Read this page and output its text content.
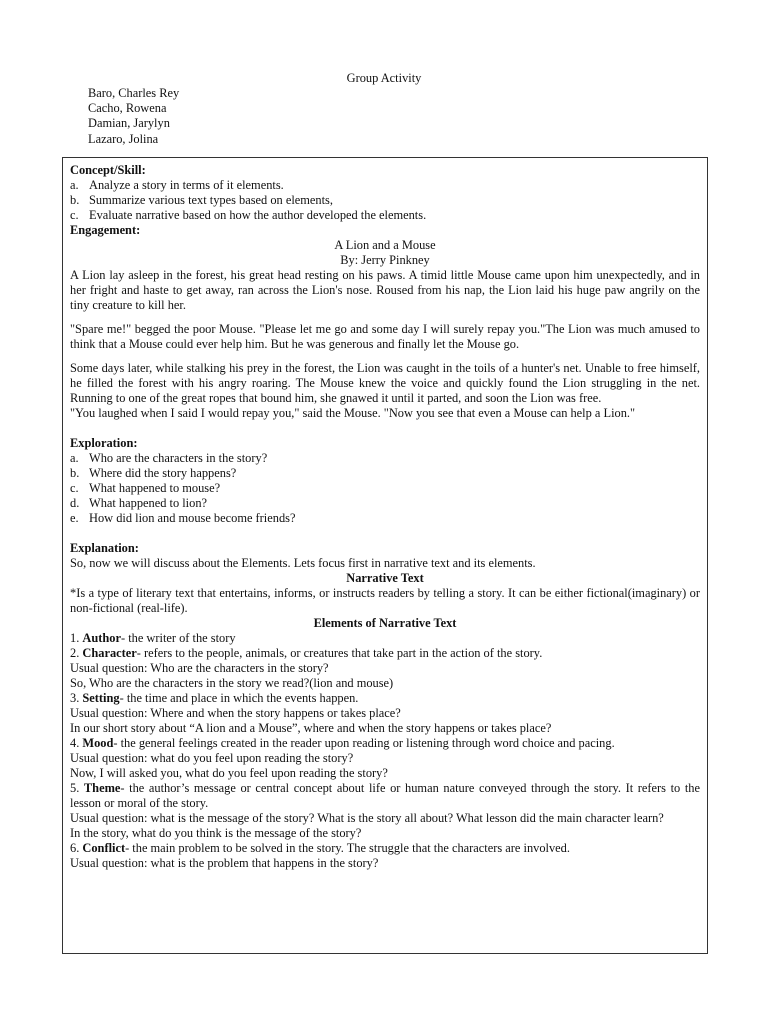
Group Activity
Baro, Charles Rey
Cacho, Rowena
Damian, Jarylyn
Lazaro, Jolina
Concept/Skill:
a. Analyze a story in terms of it elements.
b. Summarize various text types based on elements,
c. Evaluate narrative based on how the author developed the elements.
Engagement:
A Lion and a Mouse
By: Jerry Pinkney
A Lion lay asleep in the forest, his great head resting on his paws. A timid little Mouse came upon him unexpectedly, and in her fright and haste to get away, ran across the Lion's nose. Roused from his nap, the Lion laid his huge paw angrily on the tiny creature to kill her.
"Spare me!" begged the poor Mouse. "Please let me go and some day I will surely repay you."The Lion was much amused to think that a Mouse could ever help him. But he was generous and finally let the Mouse go.
Some days later, while stalking his prey in the forest, the Lion was caught in the toils of a hunter's net. Unable to free himself, he filled the forest with his angry roaring. The Mouse knew the voice and quickly found the Lion struggling in the net. Running to one of the great ropes that bound him, she gnawed it until it parted, and soon the Lion was free.
"You laughed when I said I would repay you," said the Mouse. "Now you see that even a Mouse can help a Lion."
Exploration:
a. Who are the characters in the story?
b. Where did the story happens?
c. What happened to mouse?
d. What happened to lion?
e. How did lion and mouse become friends?
Explanation:
So, now we will discuss about the Elements. Lets focus first in narrative text and its elements.
Narrative Text
*Is a type of literary text that entertains, informs, or instructs readers by telling a story. It can be either fictional(imaginary) or non-fictional (real-life).
Elements of Narrative Text
1. Author- the writer of the story
2. Character- refers to the people, animals, or creatures that take part in the action of the story.
Usual question: Who are the characters in the story?
So, Who are the characters in the story we read?(lion and mouse)
3. Setting- the time and place in which the events happen.
Usual question: Where and when the story happens or takes place?
In our short story about “A lion and a Mouse”, where and when the story happens or takes place?
4. Mood- the general feelings created in the reader upon reading or listening through word choice and pacing.
Usual question: what do you feel upon reading the story?
Now, I will asked you, what do you feel upon reading the story?
5. Theme- the author’s message or central concept about life or human nature conveyed through the story. It refers to the lesson or moral of the story.
Usual question: what is the message of the story? What is the story all about? What lesson did the main character learn?
In the story, what do you think is the message of the story?
6. Conflict- the main problem to be solved in the story. The struggle that the characters are involved.
Usual question: what is the problem that happens in the story?
